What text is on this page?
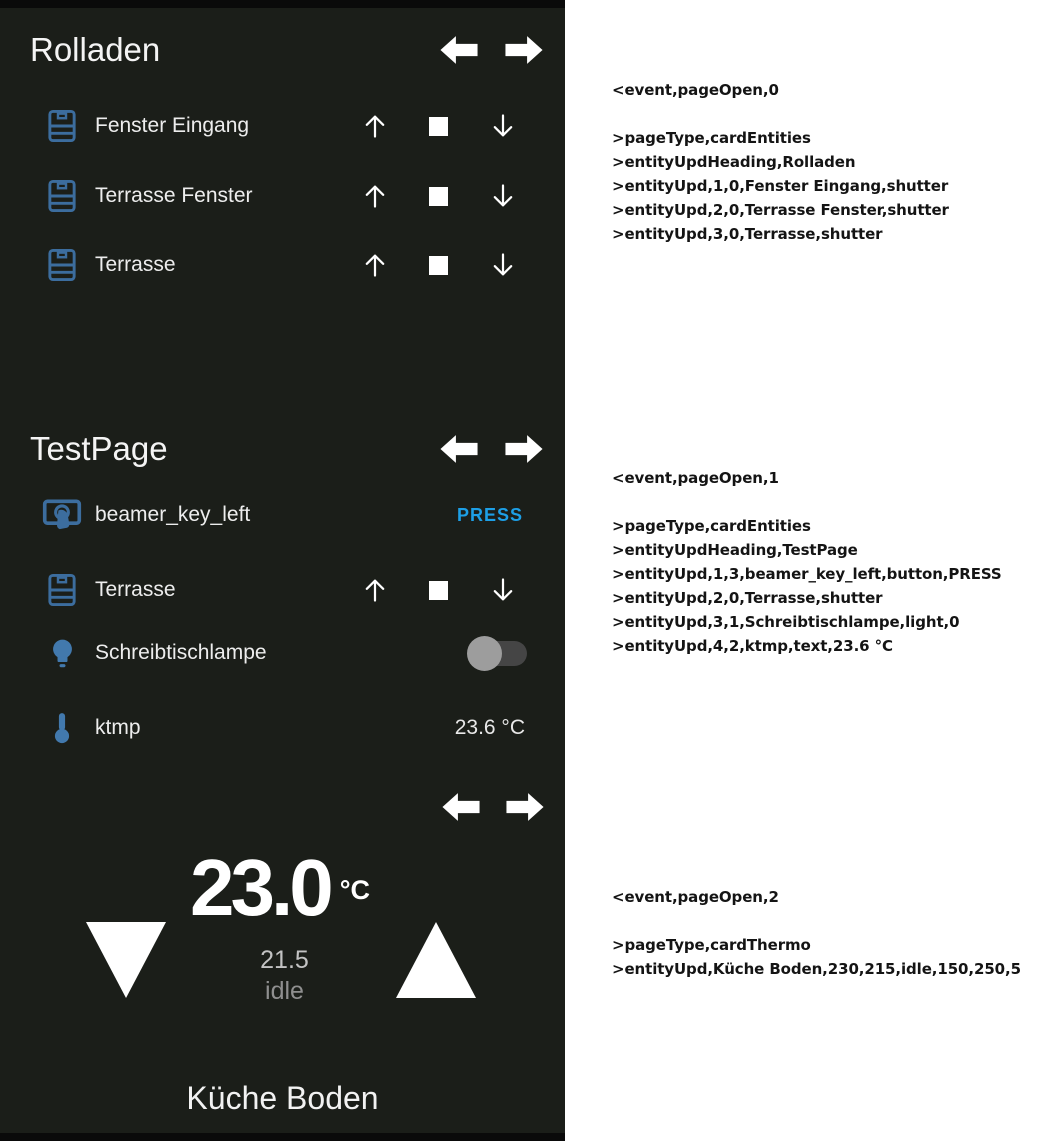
Rolladen
Fenster Eingang
Terrasse Fenster
Terrasse
TestPage
beamer_key_left	PRESS
Terrasse
Schreibtischlampe
ktmp	23.6 °C
23.0 $^{^\circ C}$
21.5
idle
Küche Boden
<event,pageOpen,0
>pageType,cardEntities
>entityUpdHeading,Rolladen
>entityUpd,1,0,Fenster Eingang,shutter
>entityUpd,2,0,Terrasse Fenster,shutter
>entityUpd,3,0,Terrasse,shutter
<event,pageOpen,1
>pageType,cardEntities
>entityUpdHeading,TestPage
>entityUpd,1,3,beamer_key_left,button,PRESS
>entityUpd,2,0,Terrasse,shutter
>entityUpd,3,1,Schreibtischlampe,light,0
>entityUpd,4,2,ktmp,text,23.6 °C
<event,pageOpen,2
>pageType,cardThermo
>entityUpd,Küche Boden,230,215,idle,150,250,5
